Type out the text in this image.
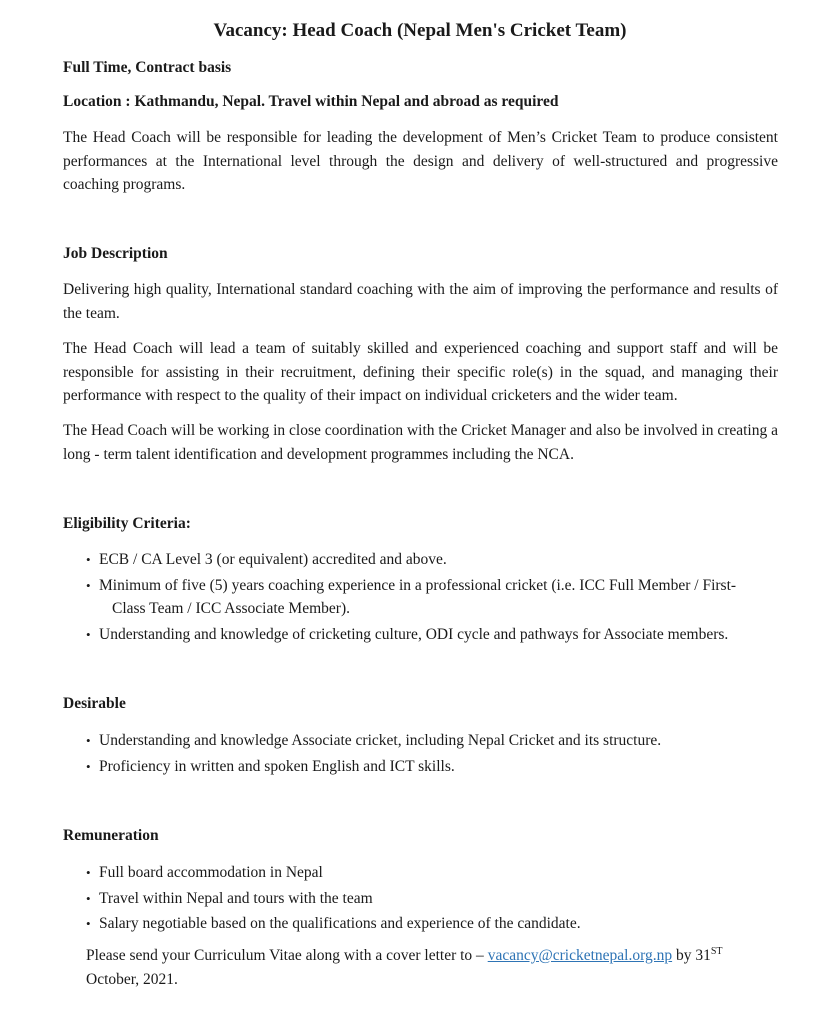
Vacancy: Head Coach (Nepal Men's Cricket Team)
Full Time, Contract basis
Location : Kathmandu, Nepal. Travel within Nepal and abroad as required
The Head Coach will be responsible for leading the development of Men’s Cricket Team to produce consistent performances at the International level through the design and delivery of well-structured and progressive coaching programs.
Job Description
Delivering high quality, International standard coaching with the aim of improving the performance and results of the team.
The Head Coach will lead a team of suitably skilled and experienced coaching and support staff and will be responsible for assisting in their recruitment, defining their specific role(s) in the squad, and managing their performance with respect to the quality of their impact on individual cricketers and the wider team.
The Head Coach will be working in close coordination with the Cricket Manager and also be involved in creating a long - term talent identification and development programmes including the NCA.
Eligibility Criteria:
• ECB / CA Level 3 (or equivalent) accredited and above.
• Minimum of five (5) years coaching experience in a professional cricket (i.e. ICC Full Member / First-
Class Team / ICC Associate Member).
• Understanding and knowledge of cricketing culture, ODI cycle and pathways for Associate members.
Desirable
• Understanding and knowledge Associate cricket, including Nepal Cricket and its structure.
• Proficiency in written and spoken English and ICT skills.
Remuneration
• Full board accommodation in Nepal
• Travel within Nepal and tours with the team
• Salary negotiable based on the qualifications and experience of the candidate.
Please send your Curriculum Vitae along with a cover letter to – vacancy@cricketnepal.org.np by 31ST
October, 2021.
